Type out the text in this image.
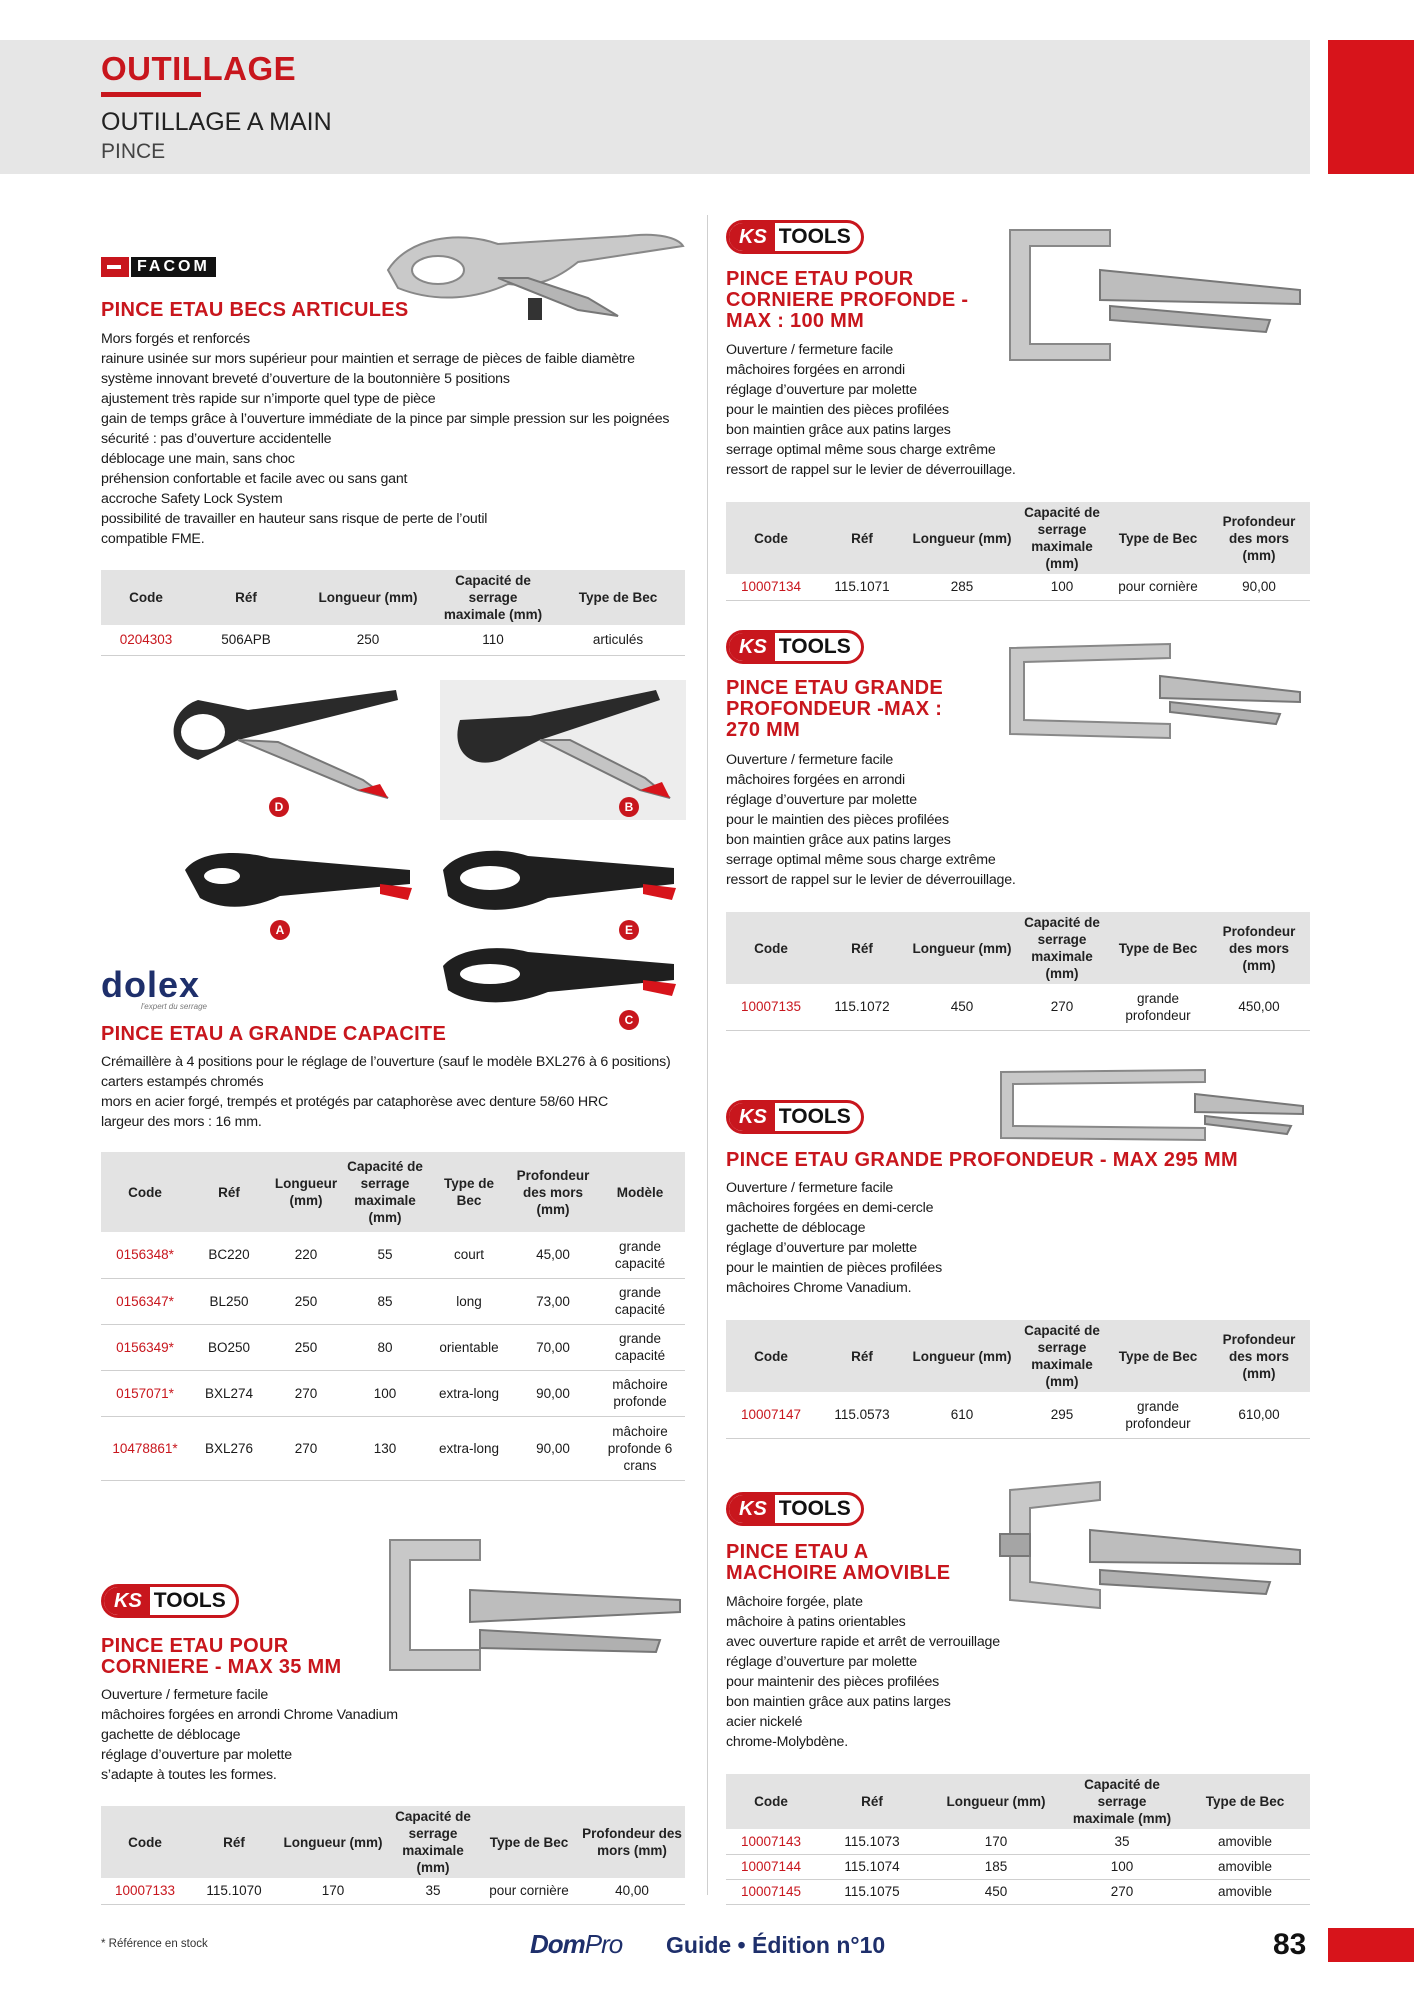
OUTILLAGE
OUTILLAGE A MAIN
PINCE
FACOM
PINCE ETAU BECS ARTICULES
Mors forgés et renforcés
rainure usinée sur mors supérieur pour maintien et serrage de pièces de faible diamètre
système innovant breveté d’ouverture de la boutonnière 5 positions
ajustement très rapide sur n’importe quel type de pièce
gain de temps grâce à l’ouverture immédiate de la pince par simple pression sur les poignées
sécurité : pas d’ouverture accidentelle
déblocage une main, sans choc
préhension confortable et facile avec ou sans gant
accroche Safety Lock System
possibilité de travailler en hauteur sans risque de perte de l’outil
compatible FME.
Code	Réf	Longueur (mm)	Capacité de serrage maximale (mm)	Type de Bec
0204303	506APB	250	110	articulés
D	B
A	E
C
dolex
l'expert du serrage
PINCE ETAU A GRANDE CAPACITE
Crémaillère à 4 positions pour le réglage de l’ouverture (sauf le modèle BXL276 à 6 positions)
carters estampés chromés
mors en acier forgé, trempés et protégés par cataphorèse avec denture 58/60 HRC
largeur des mors : 16 mm.
Code	Réf	Longueur (mm)	Capacité de serrage maximale (mm)	Type de Bec	Profondeur des mors (mm)	Modèle
0156348*	BC220	220	55	court	45,00	grande capacité
0156347*	BL250	250	85	long	73,00	grande capacité
0156349*	BO250	250	80	orientable	70,00	grande capacité
0157071*	BXL274	270	100	extra-long	90,00	mâchoire profonde
10478861*	BXL276	270	130	extra-long	90,00	mâchoire profonde 6 crans
KS TOOLS
PINCE ETAU POUR
CORNIERE - MAX 35 MM
Ouverture / fermeture facile
mâchoires forgées en arrondi Chrome Vanadium
gachette de déblocage
réglage d’ouverture par molette
s’adapte à toutes les formes.
Code	Réf	Longueur (mm)	Capacité de serrage maximale (mm)	Type de Bec	Profondeur des mors (mm)
10007133	115.1070	170	35	pour cornière	40,00
KS TOOLS
PINCE ETAU POUR
CORNIERE PROFONDE -
MAX : 100 MM
Ouverture / fermeture facile
mâchoires forgées en arrondi
réglage d’ouverture par molette
pour le maintien des pièces profilées
bon maintien grâce aux patins larges
serrage optimal même sous charge extrême
ressort de rappel sur le levier de déverrouillage.
Code	Réf	Longueur (mm)	Capacité de serrage maximale (mm)	Type de Bec	Profondeur des mors (mm)
10007134	115.1071	285	100	pour cornière	90,00
KS TOOLS
PINCE ETAU GRANDE
PROFONDEUR -MAX :
270 MM
Ouverture / fermeture facile
mâchoires forgées en arrondi
réglage d’ouverture par molette
pour le maintien des pièces profilées
bon maintien grâce aux patins larges
serrage optimal même sous charge extrême
ressort de rappel sur le levier de déverrouillage.
Code	Réf	Longueur (mm)	Capacité de serrage maximale (mm)	Type de Bec	Profondeur des mors (mm)
10007135	115.1072	450	270	grande profondeur	450,00
KS TOOLS
PINCE ETAU GRANDE PROFONDEUR - MAX 295 MM
Ouverture / fermeture facile
mâchoires forgées en demi-cercle
gachette de déblocage
réglage d’ouverture par molette
pour le maintien de pièces profilées
mâchoires Chrome Vanadium.
Code	Réf	Longueur (mm)	Capacité de serrage maximale (mm)	Type de Bec	Profondeur des mors (mm)
10007147	115.0573	610	295	grande profondeur	610,00
KS TOOLS
PINCE ETAU A
MACHOIRE AMOVIBLE
Mâchoire forgée, plate
mâchoire à patins orientables
avec ouverture rapide et arrêt de verrouillage
réglage d’ouverture par molette
pour maintenir des pièces profilées
bon maintien grâce aux patins larges
acier nickelé
chrome-Molybdène.
Code	Réf	Longueur (mm)	Capacité de serrage maximale (mm)	Type de Bec
10007143	115.1073	170	35	amovible
10007144	115.1074	185	100	amovible
10007145	115.1075	450	270	amovible
* Référence en stock	DomPro Guide • Édition n°10	83
